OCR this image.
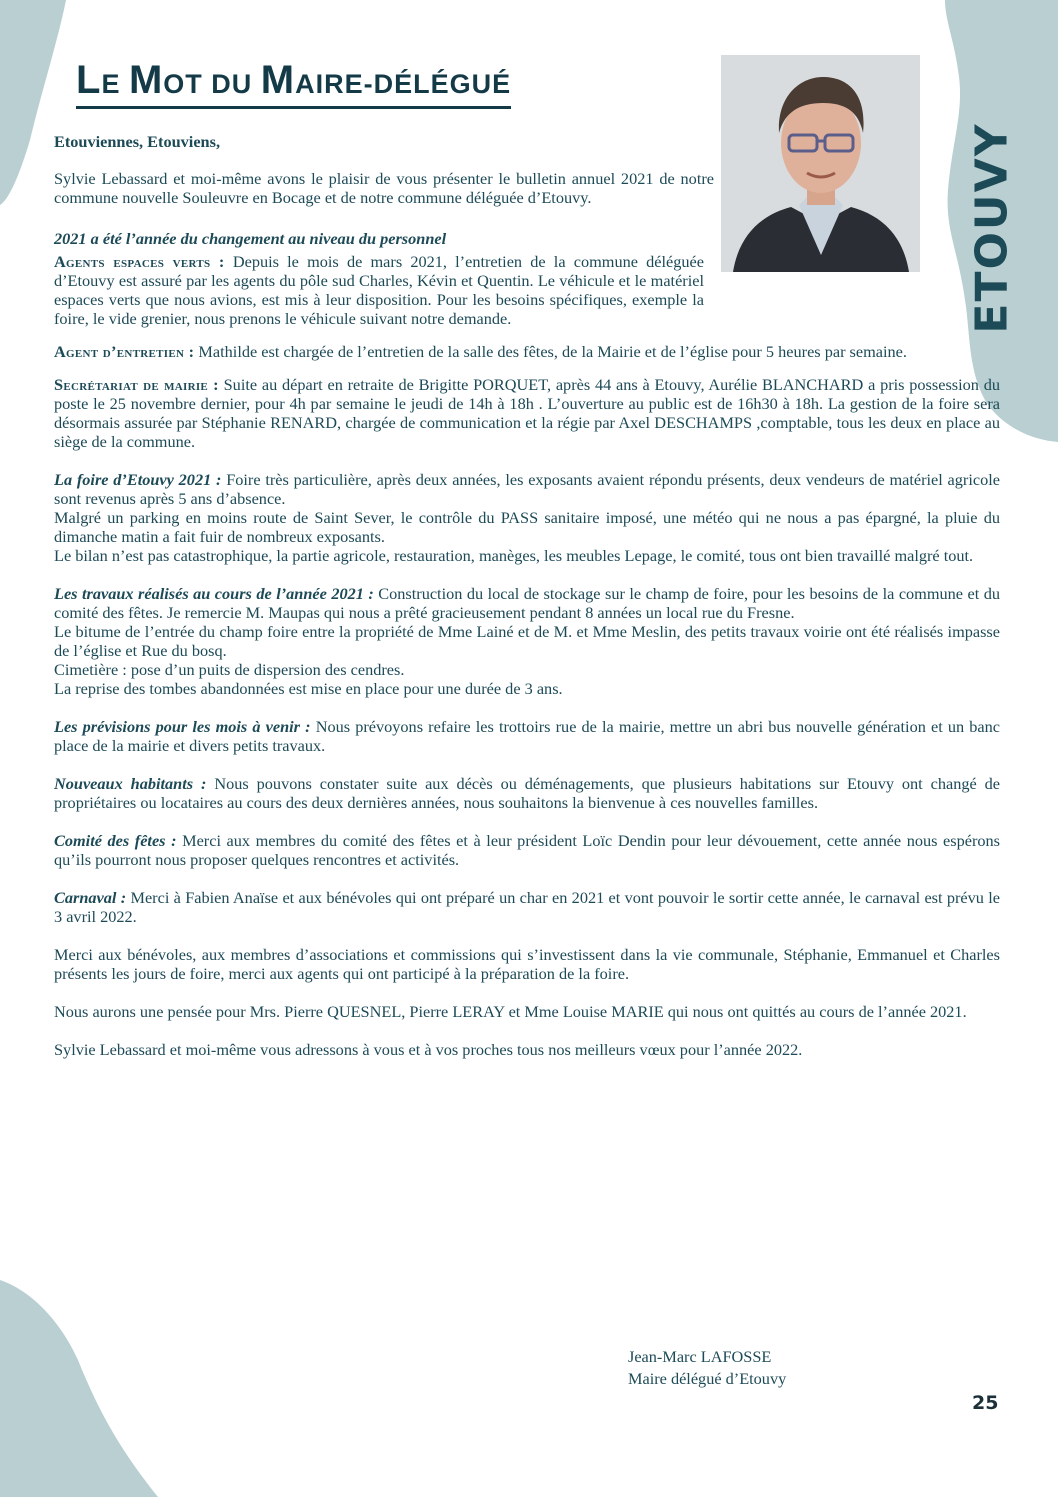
LE MOT DU MAIRE-DÉLÉGUÉ
ETOUVY

Etouviennes, Etouviens,

Sylvie Lebassard et moi-même avons le plaisir de vous présenter le bulletin annuel 2021 de notre commune nouvelle Souleuvre en Bocage et de notre commune déléguée d’Etouvy.

2021 a été l’année du changement au niveau du personnel

Agents espaces verts : Depuis le mois de mars 2021, l’entretien de la commune déléguée d’Etouvy est assuré par les agents du pôle sud Charles, Kévin et Quentin. Le véhicule et le matériel espaces verts que nous avions, est mis à leur disposition. Pour les besoins spécifiques, exemple la foire, le vide grenier, nous prenons le véhicule suivant notre demande.

Agent d’entretien : Mathilde est chargée de l’entretien de la salle des fêtes, de la Mairie et de l’église pour 5 heures par semaine.

Secrétariat de mairie : Suite au départ en retraite de Brigitte PORQUET, après 44 ans à Etouvy, Aurélie BLANCHARD a pris possession du poste le 25 novembre dernier, pour 4h par semaine le jeudi de 14h à 18h . L’ouverture au public est de 16h30 à 18h. La gestion de la foire sera désormais assurée par Stéphanie RENARD, chargée de communication et la régie par Axel DESCHAMPS ,comptable, tous les deux en place au siège de la commune.

La foire d’Etouvy 2021 : Foire très particulière, après deux années, les exposants avaient répondu présents, deux vendeurs de matériel agricole sont revenus après 5 ans d’absence.

Malgré un parking en moins route de Saint Sever, le contrôle du PASS sanitaire imposé, une météo qui ne nous a pas épargné, la pluie du dimanche matin a fait fuir de nombreux exposants.

Le bilan n’est pas catastrophique, la partie agricole, restauration, manèges, les meubles Lepage, le comité, tous ont bien travaillé malgré tout.

Les travaux réalisés au cours de l’année 2021 : Construction du local de stockage sur le champ de foire, pour les besoins de la commune et du comité des fêtes. Je remercie M. Maupas qui nous a prêté gracieusement pendant 8 années un local rue du Fresne.

Le bitume de l’entrée du champ foire entre la propriété de Mme Lainé et de M. et Mme Meslin, des petits travaux voirie ont été réalisés impasse de l’église et Rue du bosq.

Cimetière : pose d’un puits de dispersion des cendres.

La reprise des tombes abandonnées est mise en place pour une durée de 3 ans.

Les prévisions pour les mois à venir : Nous prévoyons refaire les trottoirs rue de la mairie, mettre un abri bus nouvelle génération et un banc place de la mairie et divers petits travaux.

Nouveaux habitants : Nous pouvons constater suite aux décès ou déménagements, que plusieurs habitations sur Etouvy ont changé de propriétaires ou locataires au cours des deux dernières années, nous souhaitons la bienvenue à ces nouvelles familles.

Comité des fêtes : Merci aux membres du comité des fêtes et à leur président Loïc Dendin pour leur dévouement, cette année nous espérons qu’ils pourront nous proposer quelques rencontres et activités.

Carnaval : Merci à Fabien Anaïse et aux bénévoles qui ont préparé un char en 2021 et vont pouvoir le sortir cette année, le carnaval est prévu le 3 avril 2022.

Merci aux bénévoles, aux membres d’associations et commissions qui s’investissent dans la vie communale, Stéphanie, Emmanuel et Charles présents les jours de foire, merci aux agents qui ont participé à la préparation de la foire.

Nous aurons une pensée pour Mrs. Pierre QUESNEL, Pierre LERAY et Mme Louise MARIE qui nous ont quittés au cours de l’année 2021.

Sylvie Lebassard et moi-même vous adressons à vous et à vos proches tous nos meilleurs vœux pour l’année 2022.

Jean-Marc LAFOSSE
Maire délégué d’Etouvy
25
